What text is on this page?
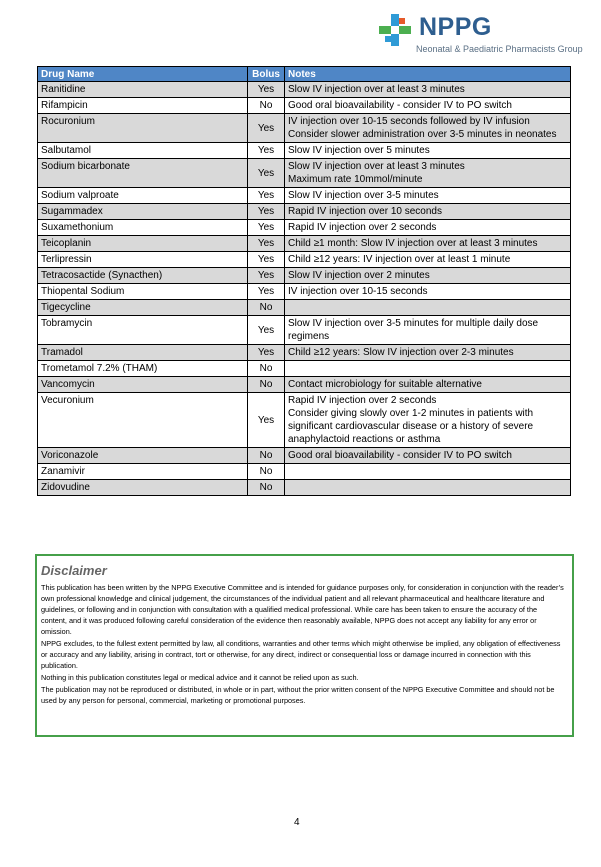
NPPG
Neonatal & Paediatric Pharmacists Group
Drug Name	Bolus	Notes
Ranitidine	Yes	Slow IV injection over at least 3 minutes

Rifampicin	No	Good oral bioavailability - consider IV to PO switch

Rocuronium	Yes	IV injection over 10-15 seconds followed by IV infusion
Consider slower administration over 3-5 minutes in neonates

Salbutamol	Yes	Slow IV injection over 5 minutes

Sodium bicarbonate	Yes	Slow IV injection over at least 3 minutes
Maximum rate 10mmol/minute

Sodium valproate	Yes	Slow IV injection over 3-5 minutes

Sugammadex	Yes	Rapid IV injection over 10 seconds

Suxamethonium	Yes	Rapid IV injection over 2 seconds

Teicoplanin	Yes	Child ≥1 month: Slow IV injection over at least 3 minutes

Terlipressin	Yes	Child ≥12 years: IV injection over at least 1 minute

Tetracosactide (Synacthen)	Yes	Slow IV injection over 2 minutes

Thiopental Sodium	Yes	IV injection over 10-15 seconds

Tigecycline	No	
Tobramycin	Yes	Slow IV injection over 3-5 minutes for multiple daily dose regimens

Tramadol	Yes	Child ≥12 years: Slow IV injection over 2-3 minutes

Trometamol 7.2% (THAM)	No	
Vancomycin	No	Contact microbiology for suitable alternative

Vecuronium	Yes	Rapid IV injection over 2 seconds
Consider giving slowly over 1-2 minutes in patients with significant cardiovascular disease or a history of severe anaphylactoid reactions or asthma

Voriconazole	No	Good oral bioavailability - consider IV to PO switch

Zanamivir	No	
Zidovudine	No	
Disclaimer

This publication has been written by the NPPG Executive Committee and is intended for guidance purposes only, for consideration in conjunction with the reader’s own professional knowledge and clinical judgement, the circumstances of the individual patient and all relevant pharmaceutical and healthcare literature and guidelines, or following and in conjunction with consultation with a qualified medical professional. While care has been taken to ensure the accuracy of the content, and it was produced following careful consideration of the evidence then reasonably available, NPPG does not accept any liability for any error or omission.

NPPG excludes, to the fullest extent permitted by law, all conditions, warranties and other terms which might otherwise be implied, any obligation of effectiveness or accuracy and any liability, arising in contract, tort or otherwise, for any direct, indirect or consequential loss or damage incurred in connection with this publication.

Nothing in this publication constitutes legal or medical advice and it cannot be relied upon as such.

The publication may not be reproduced or distributed, in whole or in part, without the prior written consent of the NPPG Executive Committee and should not be used by any person for personal, commercial, marketing or promotional purposes.

4
